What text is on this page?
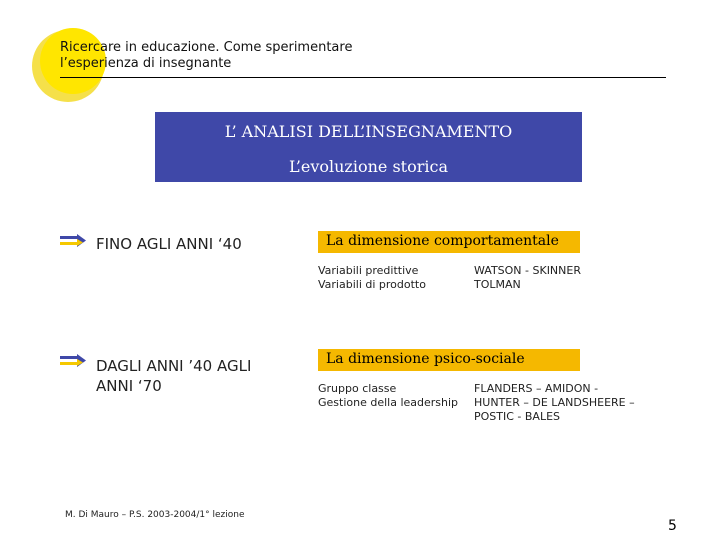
Ricercare in educazione. Come sperimentare
l’esperienza di insegnante
L’ ANALISI DELL’INSEGNAMENTO
L’evoluzione storica
FINO AGLI ANNI ‘40	La dimensione comportamentale
Variabili predittive
Variabili di prodotto
WATSON - SKINNER
TOLMAN
DAGLI ANNI ’40 AGLI
ANNI ‘70
La dimensione psico-sociale
Gruppo classe
Gestione della leadership
FLANDERS – AMIDON -
HUNTER – DE LANDSHEERE –
POSTIC - BALES
M. Di Mauro – P.S. 2003-2004/1° lezione
5
